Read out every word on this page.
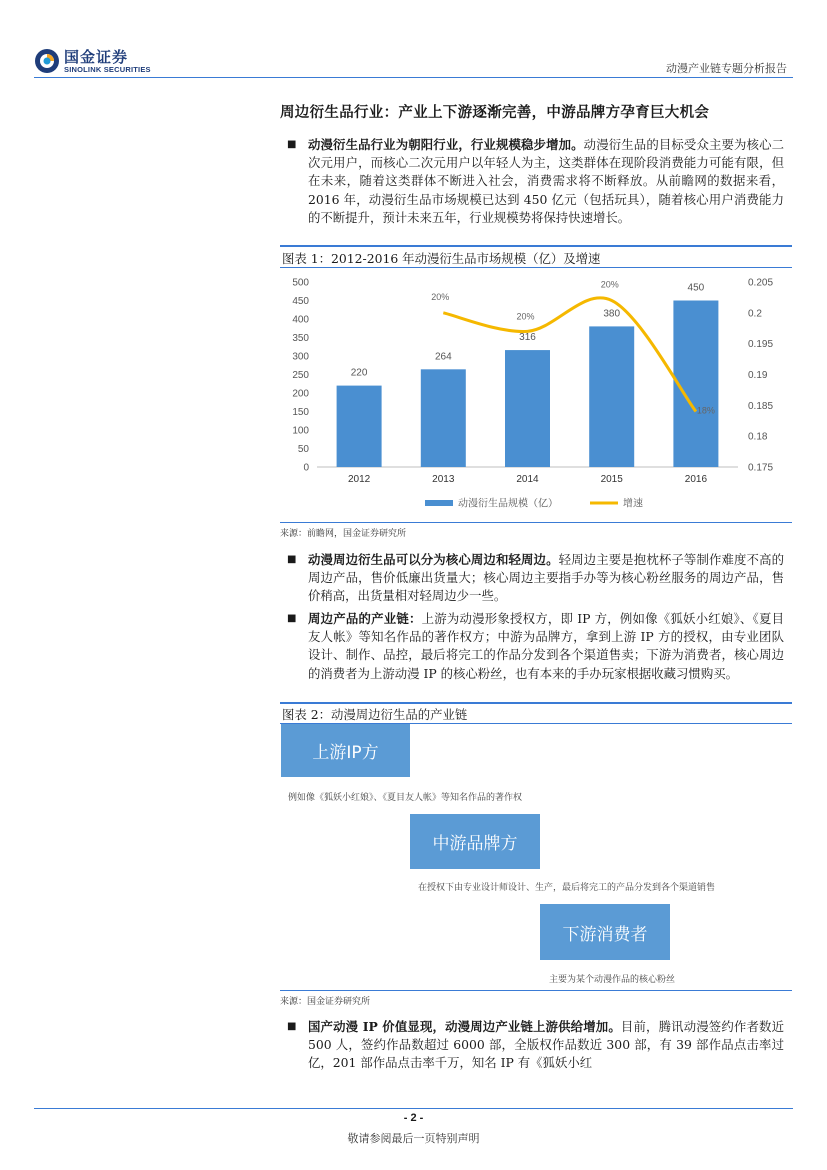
国金证券
SINOLINK SECURITIES	动漫产业链专题分析报告
周边衍生品行业：产业上下游逐渐完善，中游品牌方孕育巨大机会
■ 动漫衍生品行业为朝阳行业，行业规模稳步增加。动漫衍生品的目标受众主要为核心二次元用户，而核心二次元用户以年轻人为主，这类群体在现阶段消费能力可能有限，但在未来，随着这类群体不断进入社会，消费需求将不断释放。从前瞻网的数据来看，2016 年，动漫衍生品市场规模已达到 450 亿元（包括玩具），随着核心用户消费能力的不断提升，预计未来五年，行业规模势将保持快速增长。
图表 1：2012-2016 年动漫衍生品市场规模（亿）及增速
0
50
100
150
200
250
300
350
400
450
500
0.175
0.18
0.185
0.19
0.195
0.2
0.205
220
264
316
380
450
2012	2013	2014	2015	2016
20%
20%
20%
18%
动漫衍生品规模（亿）	增速
来源：前瞻网，国金证券研究所
■ 动漫周边衍生品可以分为核心周边和轻周边。轻周边主要是抱枕杯子等制作难度不高的周边产品，售价低廉出货量大；核心周边主要指手办等为核心粉丝服务的周边产品，售价稍高，出货量相对轻周边少一些。
■ 周边产品的产业链：上游为动漫形象授权方，即 IP 方，例如像《狐妖小红娘》、《夏目友人帐》等知名作品的著作权方；中游为品牌方，拿到上游 IP 方的授权，由专业团队设计、制作、品控，最后将完工的作品分发到各个渠道售卖；下游为消费者，核心周边的消费者为上游动漫 IP 的核心粉丝，也有本来的手办玩家根据收藏习惯购买。
图表 2：动漫周边衍生品的产业链
上游IP方
例如像《狐妖小红娘》、《夏目友人帐》等知名作品的著作权
中游品牌方
在授权下由专业设计师设计、生产，最后将完工的产品分发到各个渠道销售
下游消费者
主要为某个动漫作品的核心粉丝
来源：国金证券研究所
■ 国产动漫 IP 价值显现，动漫周边产业链上游供给增加。目前，腾讯动漫签约作者数近 500 人，签约作品数超过 6000 部，全版权作品数近 300 部，有 39 部作品点击率过亿，201 部作品点击率千万，知名 IP 有《狐妖小红
- 2 -
敬请参阅最后一页特别声明
